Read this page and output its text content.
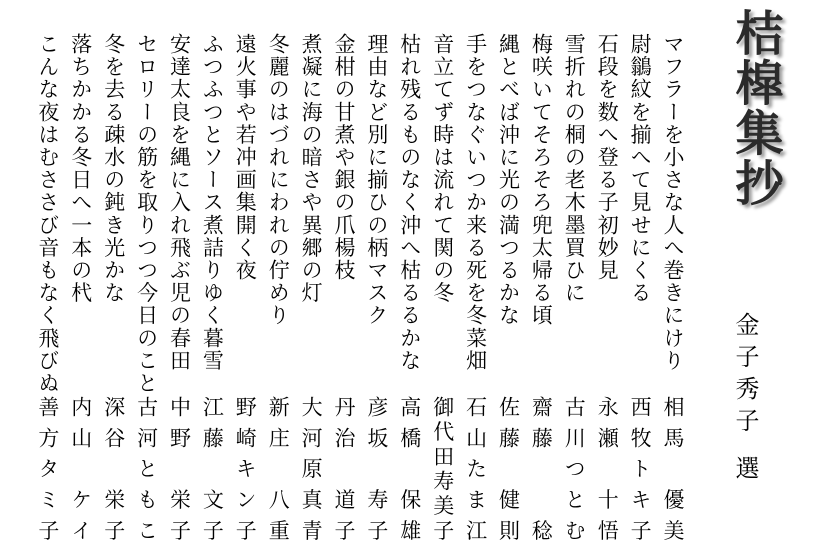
桔槹集抄
金子秀子 選
マフラーを小さな人へ巻きにけり
相馬　優美
尉鶲紋を揃へて見せにくる
西牧トキ子
石段を数へ登る子初妙見
永瀬　十悟
雪折れの桐の老木墨買ひに
古川つとむ
梅咲いてそろそろ兜太帰る頃
齋藤　　稔
縄とべば沖に光の満つるかな
佐藤　健則
手をつなぐいつか来る死を冬菜畑
石山たま江
音立てず時は流れて関の冬
御代田寿美子
枯れ残るものなく沖へ枯るるかな
高橋　保雄
理由など別に揃ひの柄マスク
彦坂　寿子
金柑の甘煮や銀の爪楊枝
丹治　道子
煮凝に海の暗さや異郷の灯
大河原真青
冬麗のはづれにわれの佇めり
新庄　八重
遠火事や若冲画集開く夜
野崎キン子
ふつふつとソース煮詰りゆく暮雪
江藤　文子
安達太良を縄に入れ飛ぶ児の春田
中野　栄子
セロリーの筋を取りつつ今日のこと
古河ともこ
冬を去る疎水の鈍き光かな
深谷　栄子
落ちかかる冬日へ一本の杙
内山　ケイ
こんな夜はむささび音もなく飛びぬ
善方タミ子
